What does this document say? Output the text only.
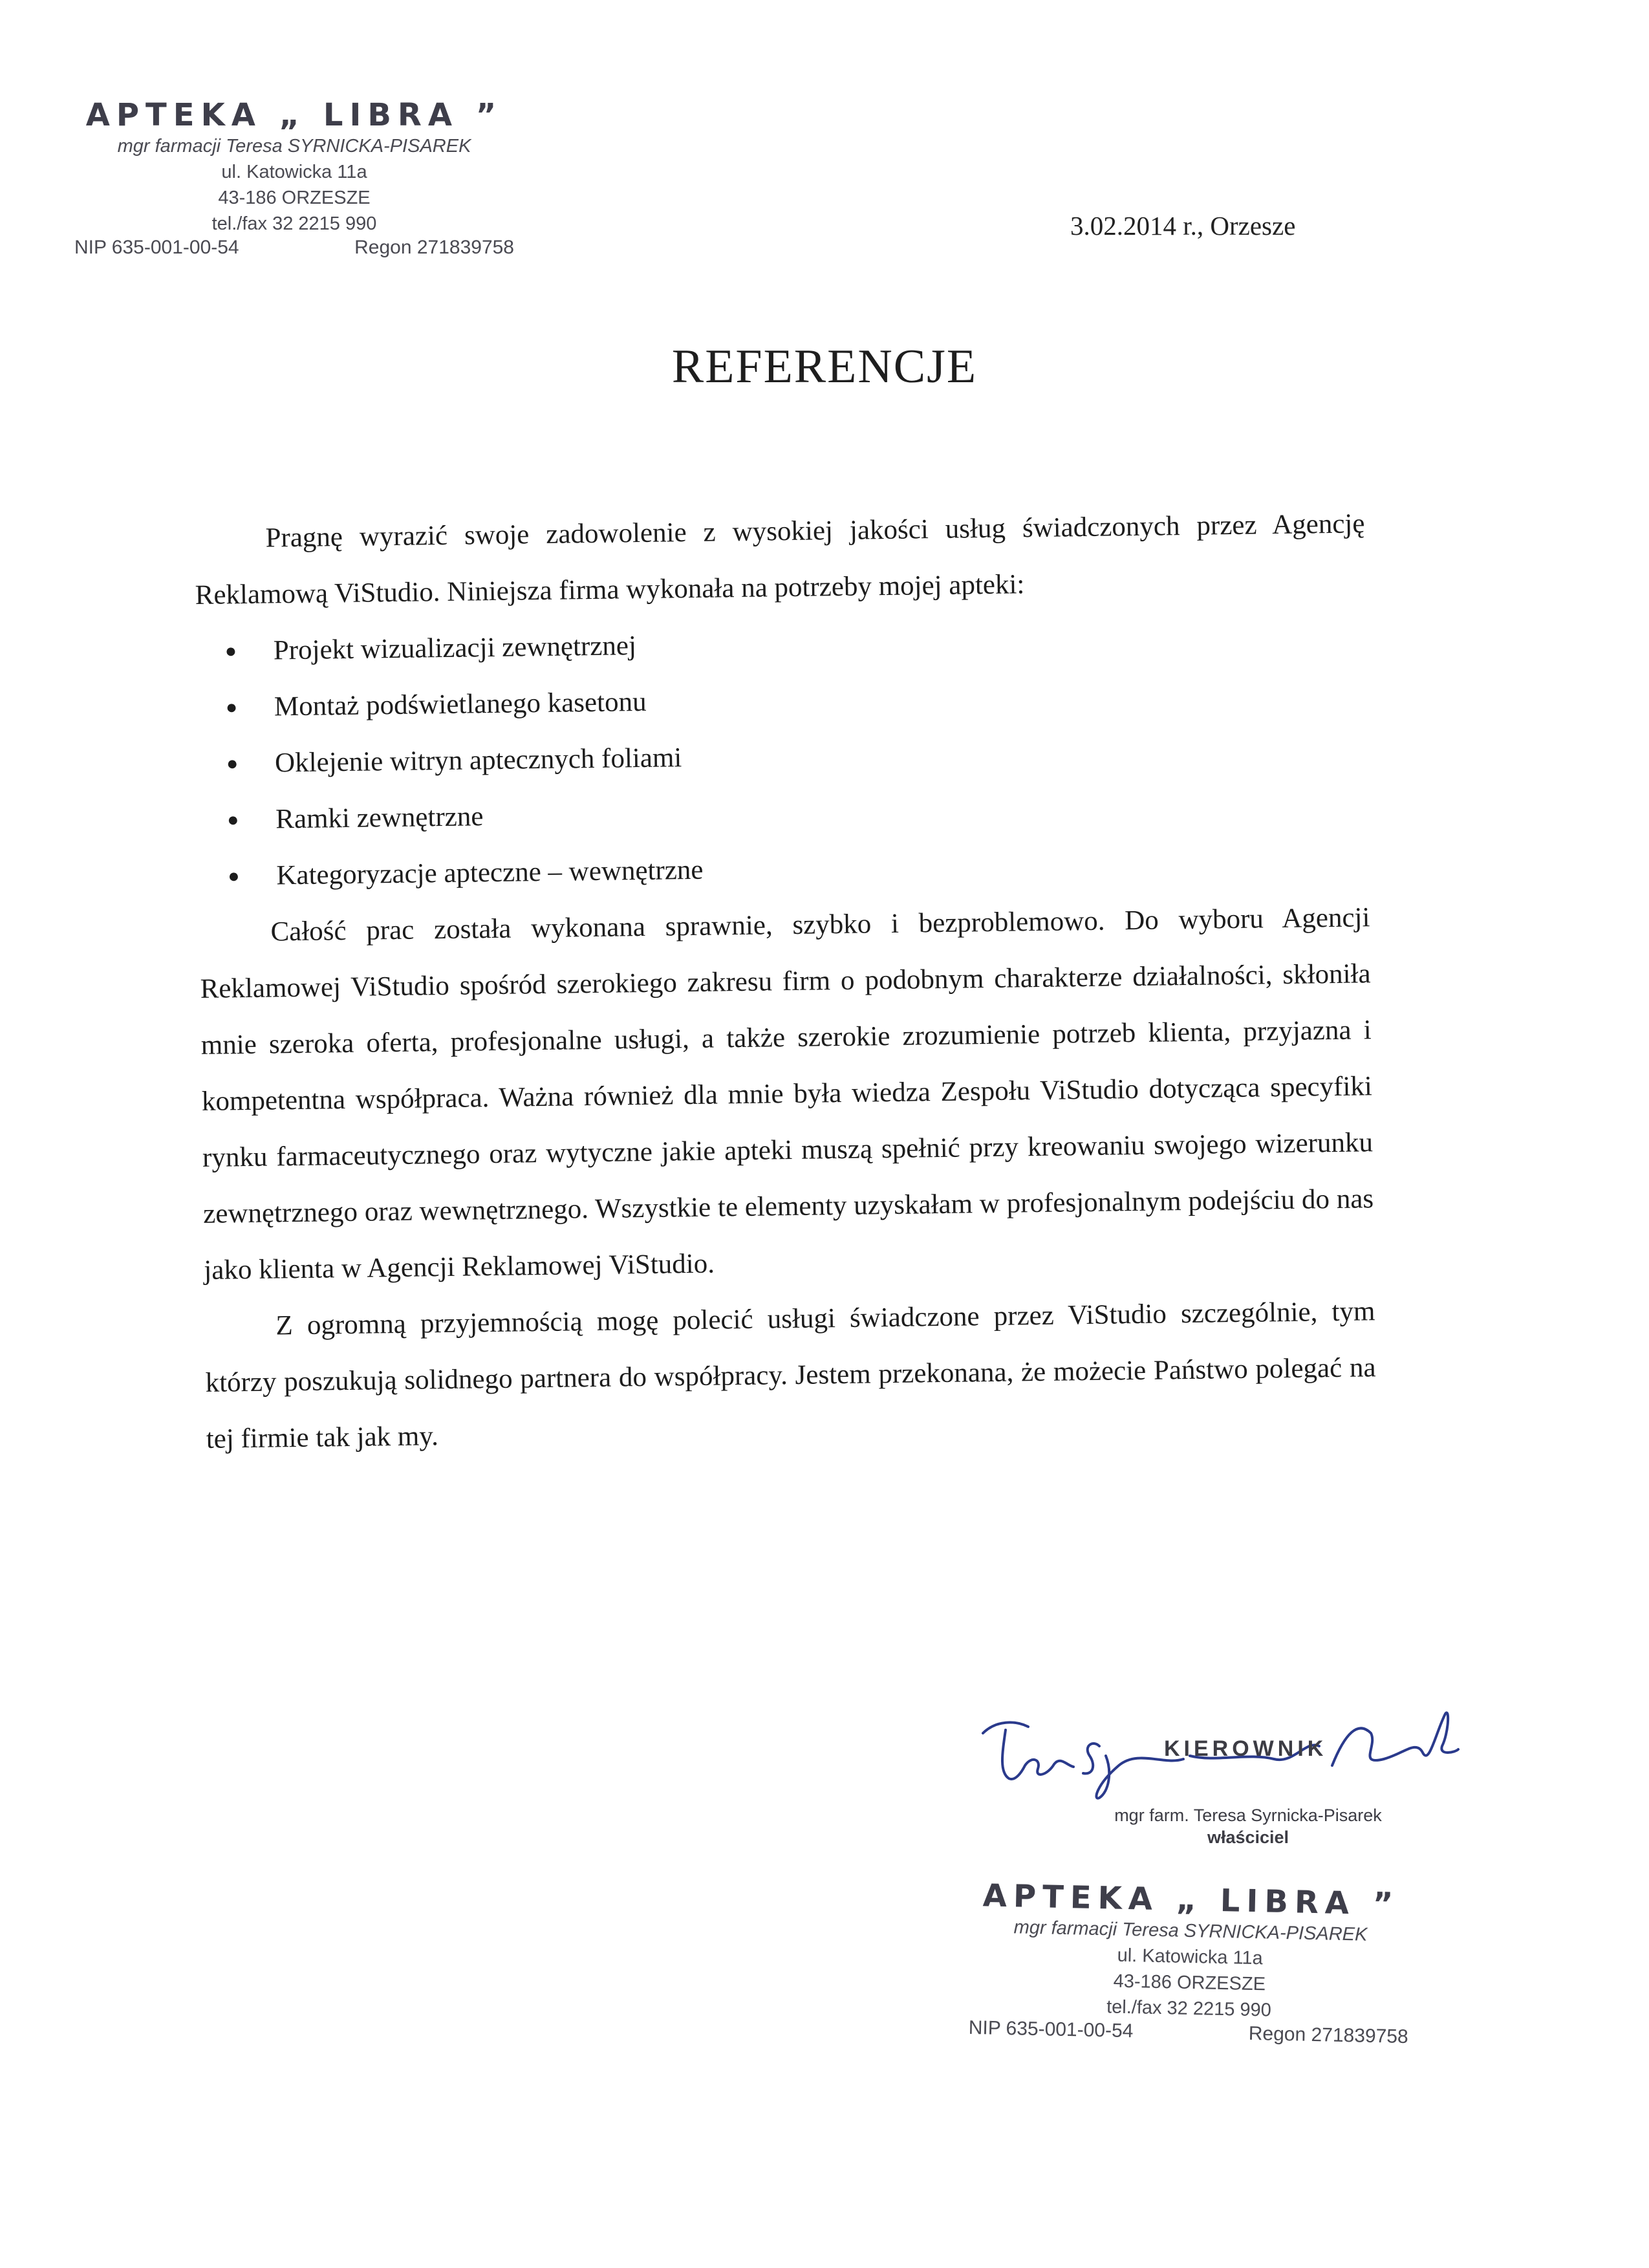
APTEKA „ LIBRA ”
mgr farmacji Teresa SYRNICKA-PISAREK
ul. Katowicka 11a
43-186 ORZESZE
tel./fax 32 2215 990
NIP 635-001-00-54	Regon 271839758
3.02.2014 r., Orzesze
REFERENCJE

Pragnę wyrazić swoje zadowolenie z wysokiej jakości usług świadczonych przez Agencję Reklamową ViStudio. Niniejsza firma wykonała na potrzeby mojej apteki:

● Projekt wizualizacji zewnętrznej
● Montaż podświetlanego kasetonu
● Oklejenie witryn aptecznych foliami
● Ramki zewnętrzne
● Kategoryzacje apteczne – wewnętrzne

Całość prac została wykonana sprawnie, szybko i bezproblemowo. Do wyboru Agencji Reklamowej ViStudio spośród szerokiego zakresu firm o podobnym charakterze działalności, skłoniła mnie szeroka oferta, profesjonalne usługi, a także szerokie zrozumienie potrzeb klienta, przyjazna i kompetentna współpraca. Ważna również dla mnie była wiedza Zespołu ViStudio dotycząca specyfiki rynku farmaceutycznego oraz wytyczne jakie apteki muszą spełnić przy kreowaniu swojego wizerunku zewnętrznego oraz wewnętrznego. Wszystkie te elementy uzyskałam w profesjonalnym podejściu do nas jako klienta w Agencji Reklamowej ViStudio.

Z ogromną przyjemnością mogę polecić usługi świadczone przez ViStudio szczególnie, tym którzy poszukują solidnego partnera do współpracy. Jestem przekonana, że możecie Państwo polegać na tej firmie tak jak my.

KIEROWNIK
mgr farm. Teresa Syrnicka-Pisarek
właściciel
APTEKA „ LIBRA ”
mgr farmacji Teresa SYRNICKA-PISAREK
ul. Katowicka 11a
43-186 ORZESZE
tel./fax 32 2215 990
NIP 635-001-00-54	Regon 271839758
